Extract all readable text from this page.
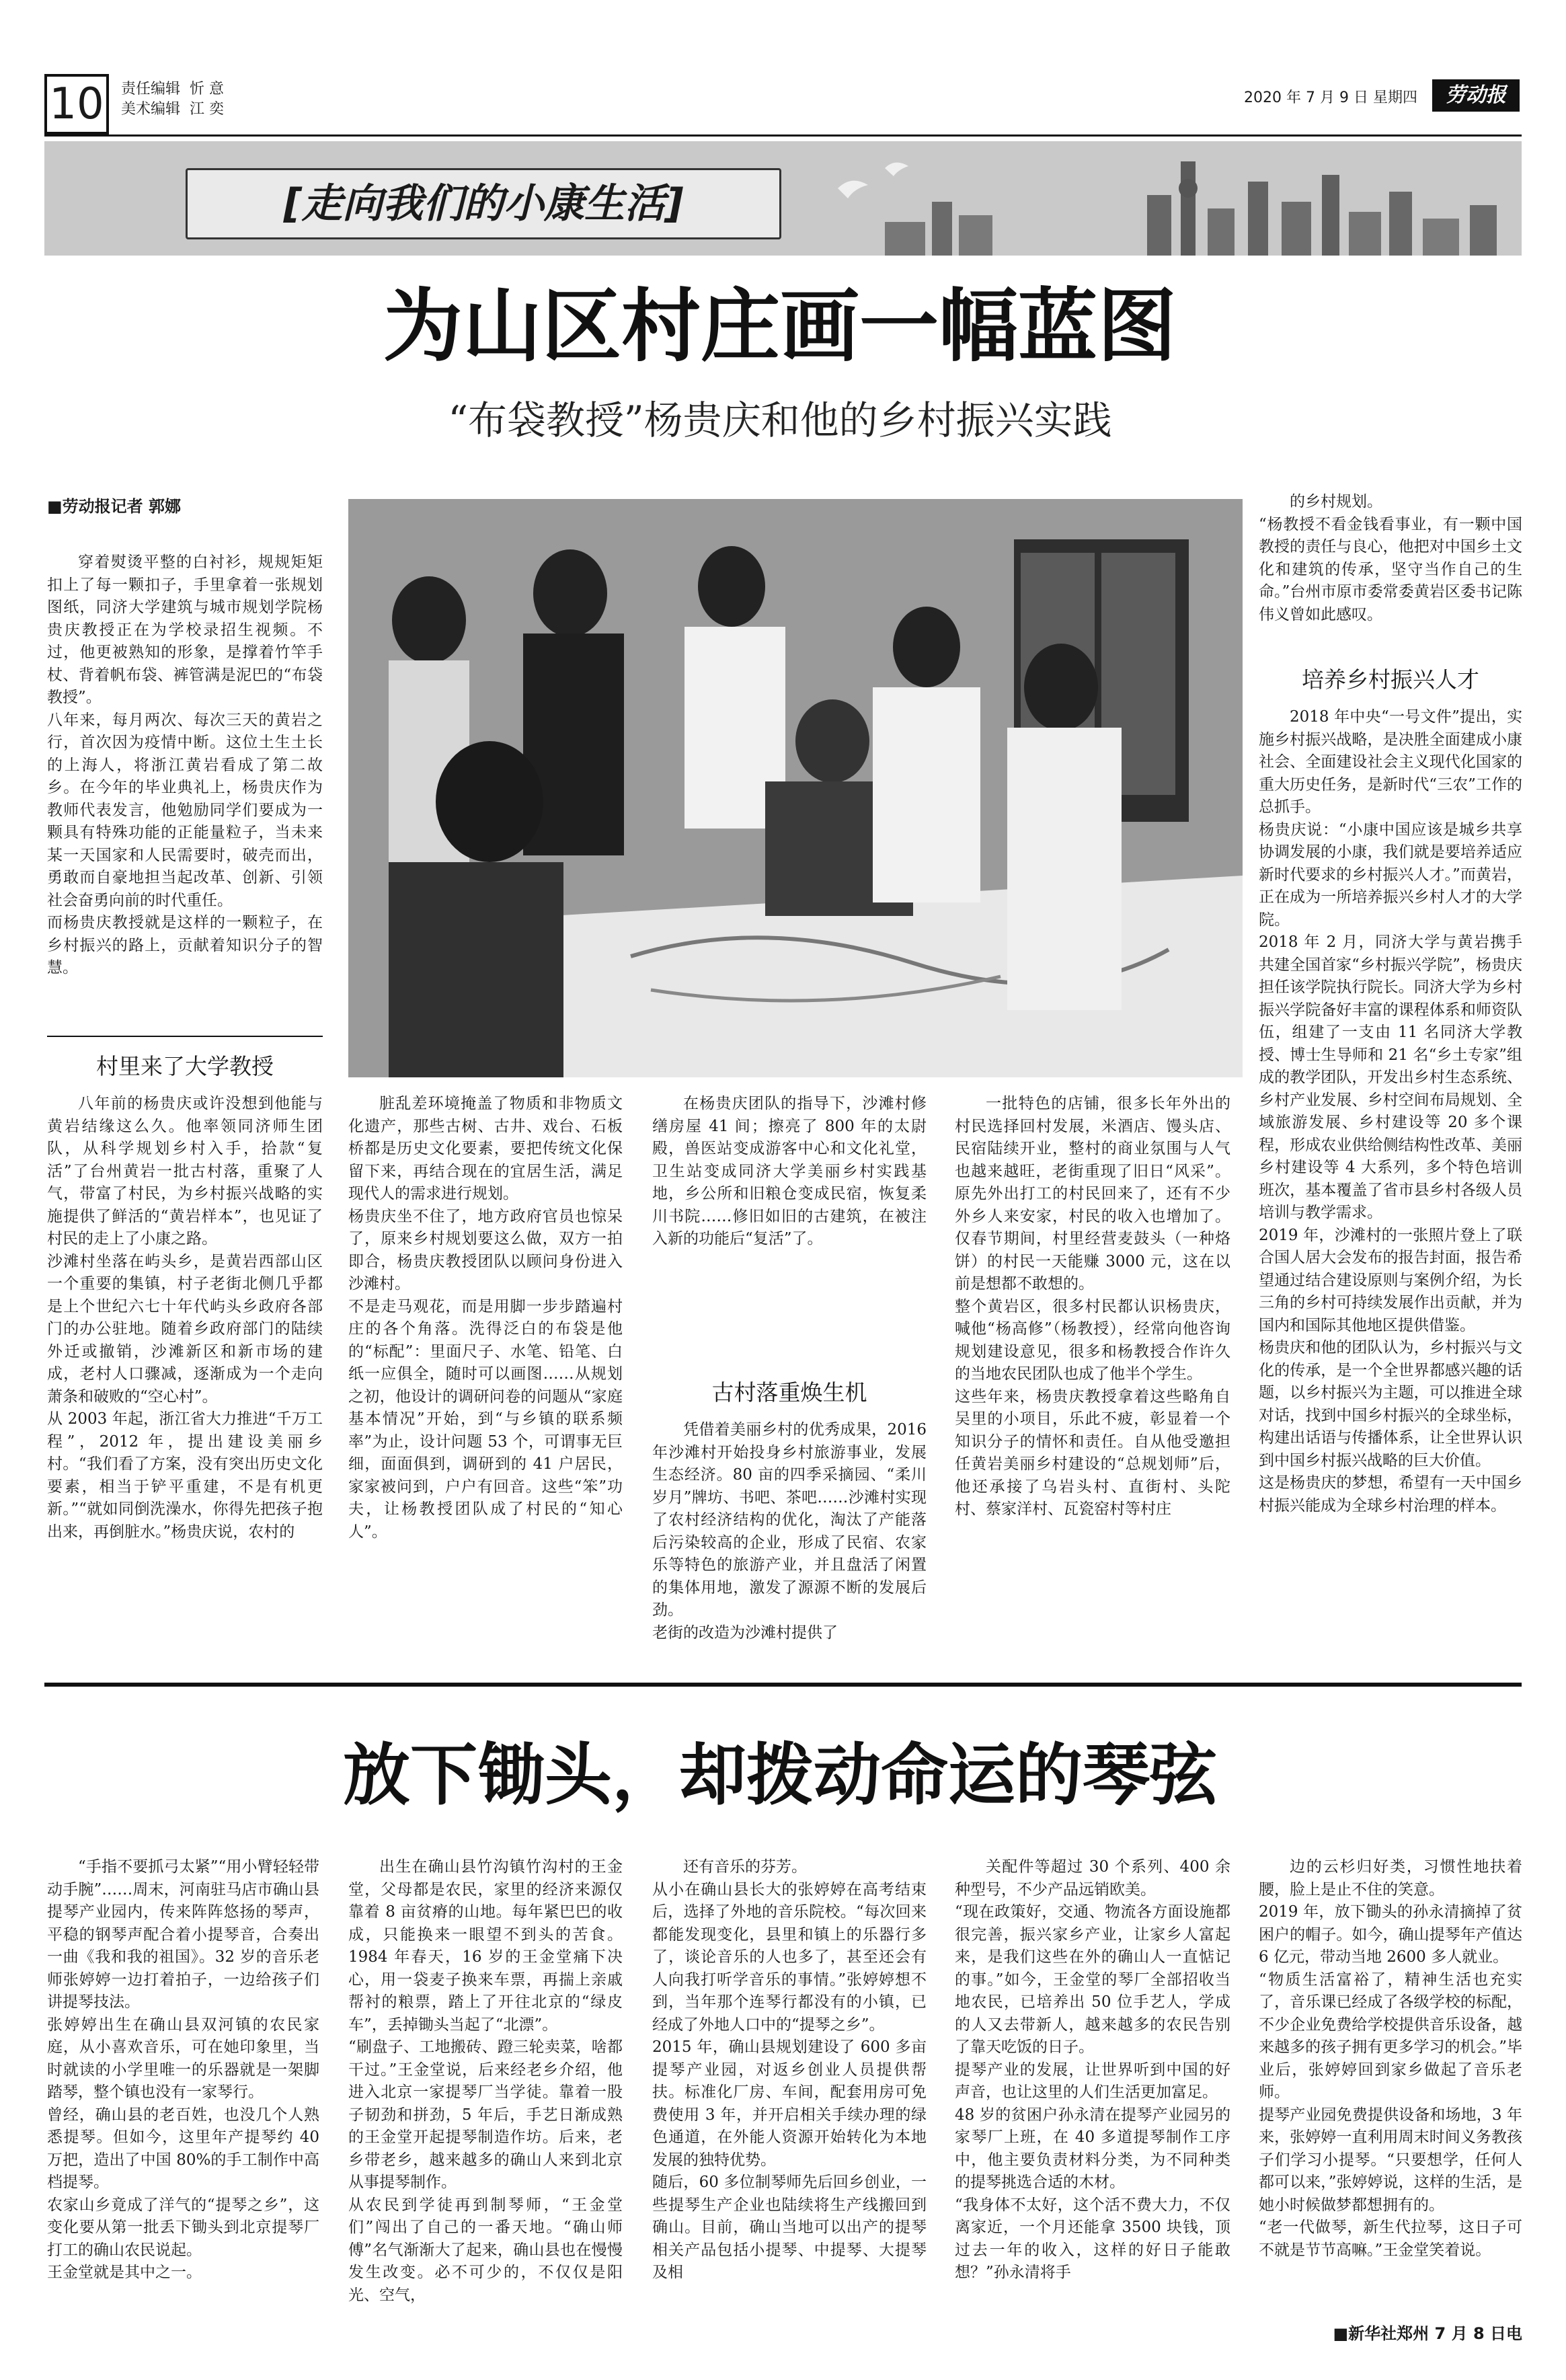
10	责任编辑 忻 意
美术编辑 江 奕
2020 年 7 月 9 日 星期四	劳动报
[走向我们的小康生活]
为山区村庄画一幅蓝图
“布袋教授”杨贵庆和他的乡村振兴实践
■劳动报记者 郭娜
穿着熨烫平整的白衬衫，规规矩矩扣上了每一颗扣子，手里拿着一张规划图纸，同济大学建筑与城市规划学院杨贵庆教授正在为学校录招生视频。不过，他更被熟知的形象，是撑着竹竿手杖、背着帆布袋、裤管满是泥巴的“布袋教授”。
八年来，每月两次、每次三天的黄岩之行，首次因为疫情中断。这位土生土长的上海人，将浙江黄岩看成了第二故乡。在今年的毕业典礼上，杨贵庆作为教师代表发言，他勉励同学们要成为一颗具有特殊功能的正能量粒子，当未来某一天国家和人民需要时，破壳而出，勇敢而自豪地担当起改革、创新、引领社会奋勇向前的时代重任。
而杨贵庆教授就是这样的一颗粒子，在乡村振兴的路上，贡献着知识分子的智慧。
村里来了大学教授
八年前的杨贵庆或许没想到他能与黄岩结缘这么久。他率领同济师生团队，从科学规划乡村入手，拾款“复活”了台州黄岩一批古村落，重聚了人气，带富了村民，为乡村振兴战略的实施提供了鲜活的“黄岩样本”，也见证了村民的走上了小康之路。
沙滩村坐落在屿头乡，是黄岩西部山区一个重要的集镇，村子老街北侧几乎都是上个世纪六七十年代屿头乡政府各部门的办公驻地。随着乡政府部门的陆续外迁或撤销，沙滩新区和新市场的建成，老村人口骤减，逐渐成为一个走向萧条和破败的“空心村”。
从 2003 年起，浙江省大力推进“千万工程”，2012 年，提出建设美丽乡村。“我们看了方案，没有突出历史文化要素，相当于铲平重建，不是有机更新。”“就如同倒洗澡水，你得先把孩子抱出来，再倒脏水。”杨贵庆说，农村的
脏乱差环境掩盖了物质和非物质文化遗产，那些古树、古井、戏台、石板桥都是历史文化要素，要把传统文化保留下来，再结合现在的宜居生活，满足现代人的需求进行规划。
杨贵庆坐不住了，地方政府官员也惊呆了，原来乡村规划要这么做，双方一拍即合，杨贵庆教授团队以顾问身份进入沙滩村。
不是走马观花，而是用脚一步步踏遍村庄的各个角落。洗得泛白的布袋是他的“标配”：里面尺子、水笔、铅笔、白纸一应俱全，随时可以画图……从规划之初，他设计的调研问卷的问题从“家庭基本情况”开始，到“与乡镇的联系频率”为止，设计问题 53 个，可谓事无巨细，面面俱到，调研到的 41 户居民，家家被问到，户户有回音。这些“笨”功夫，让杨教授团队成了村民的“知心人”。
在杨贵庆团队的指导下，沙滩村修缮房屋 41 间；擦亮了 800 年的太尉殿，兽医站变成游客中心和文化礼堂，卫生站变成同济大学美丽乡村实践基地，乡公所和旧粮仓变成民宿，恢复柔川书院……修旧如旧的古建筑，在被注入新的功能后“复活”了。
古村落重焕生机
凭借着美丽乡村的优秀成果，2016 年沙滩村开始投身乡村旅游事业，发展生态经济。80 亩的四季采摘园、“柔川岁月”牌坊、书吧、茶吧……沙滩村实现了农村经济结构的优化，淘汰了产能落后污染较高的企业，形成了民宿、农家乐等特色的旅游产业，并且盘活了闲置的集体用地，激发了源源不断的发展后劲。
老街的改造为沙滩村提供了
一批特色的店铺，很多长年外出的村民选择回村发展，米酒店、馒头店、民宿陆续开业，整村的商业氛围与人气也越来越旺，老街重现了旧日“风采”。原先外出打工的村民回来了，还有不少外乡人来安家，村民的收入也增加了。仅春节期间，村里经营麦鼓头（一种烙饼）的村民一天能赚 3000 元，这在以前是想都不敢想的。
整个黄岩区，很多村民都认识杨贵庆，喊他“杨高修”（杨教授），经常向他咨询规划建设意见，很多和杨教授合作许久的当地农民团队也成了他半个学生。
这些年来，杨贵庆教授拿着这些略角自吴里的小项目，乐此不疲，彰显着一个知识分子的情怀和责任。自从他受邀担任黄岩美丽乡村建设的“总规划师”后，他还承接了乌岩头村、直街村、头陀村、蔡家洋村、瓦瓷窑村等村庄
的乡村规划。
“杨教授不看金钱看事业，有一颗中国教授的责任与良心，他把对中国乡土文化和建筑的传承，坚守当作自己的生命。”台州市原市委常委黄岩区委书记陈伟义曾如此感叹。
培养乡村振兴人才
2018 年中央“一号文件”提出，实施乡村振兴战略，是决胜全面建成小康社会、全面建设社会主义现代化国家的重大历史任务，是新时代“三农”工作的总抓手。
杨贵庆说：“小康中国应该是城乡共享协调发展的小康，我们就是要培养适应新时代要求的乡村振兴人才。”而黄岩，正在成为一所培养振兴乡村人才的大学院。
2018 年 2 月，同济大学与黄岩携手共建全国首家“乡村振兴学院”，杨贵庆担任该学院执行院长。同济大学为乡村振兴学院备好丰富的课程体系和师资队伍，组建了一支由 11 名同济大学教授、博士生导师和 21 名“乡土专家”组成的教学团队，开发出乡村生态系统、乡村产业发展、乡村空间布局规划、全域旅游发展、乡村建设等 20 多个课程，形成农业供给侧结构性改革、美丽乡村建设等 4 大系列，多个特色培训班次，基本覆盖了省市县乡村各级人员培训与教学需求。
2019 年，沙滩村的一张照片登上了联合国人居大会发布的报告封面，报告希望通过结合建设原则与案例介绍，为长三角的乡村可持续发展作出贡献，并为国内和国际其他地区提供借鉴。
杨贵庆和他的团队认为，乡村振兴与文化的传承，是一个全世界都感兴趣的话题，以乡村振兴为主题，可以推进全球对话，找到中国乡村振兴的全球坐标，构建出话语与传播体系，让全世界认识到中国乡村振兴战略的巨大价值。
这是杨贵庆的梦想，希望有一天中国乡村振兴能成为全球乡村治理的样本。
放下锄头，却拨动命运的琴弦
“手指不要抓弓太紧”“用小臂轻轻带动手腕”……周末，河南驻马店市确山县提琴产业园内，传来阵阵悠扬的琴声，平稳的钢琴声配合着小提琴音，合奏出一曲《我和我的祖国》。32 岁的音乐老师张婷婷一边打着拍子，一边给孩子们讲提琴技法。
张婷婷出生在确山县双河镇的农民家庭，从小喜欢音乐，可在她印象里，当时就读的小学里唯一的乐器就是一架脚踏琴，整个镇也没有一家琴行。
曾经，确山县的老百姓，也没几个人熟悉提琴。但如今，这里年产提琴约 40 万把，造出了中国 80%的手工制作中高档提琴。
农家山乡竟成了洋气的“提琴之乡”，这变化要从第一批丢下锄头到北京提琴厂打工的确山农民说起。
王金堂就是其中之一。
出生在确山县竹沟镇竹沟村的王金堂，父母都是农民，家里的经济来源仅靠着 8 亩贫瘠的山地。每年紧巴巴的收成，只能换来一眼望不到头的苦食。1984 年春天，16 岁的王金堂痛下决心，用一袋麦子换来车票，再揣上亲戚帮衬的粮票，踏上了开往北京的“绿皮车”，丢掉锄头当起了“北漂”。
“刷盘子、工地搬砖、蹬三轮卖菜，啥都干过。”王金堂说，后来经老乡介绍，他进入北京一家提琴厂当学徒。靠着一股子韧劲和拼劲，5 年后，手艺日渐成熟的王金堂开起提琴制造作坊。后来，老乡带老乡，越来越多的确山人来到北京从事提琴制作。
从农民到学徒再到制琴师，“王金堂们”闯出了自己的一番天地。“确山师傅”名气渐渐大了起来，确山县也在慢慢发生改变。必不可少的，不仅仅是阳光、空气，
还有音乐的芬芳。
从小在确山县长大的张婷婷在高考结束后，选择了外地的音乐院校。“每次回来都能发现变化，县里和镇上的乐器行多了，谈论音乐的人也多了，甚至还会有人向我打听学音乐的事情。”张婷婷想不到，当年那个连琴行都没有的小镇，已经成了外地人口中的“提琴之乡”。
2015 年，确山县规划建设了 600 多亩提琴产业园，对返乡创业人员提供帮扶。标准化厂房、车间，配套用房可免费使用 3 年，并开启相关手续办理的绿色通道，在外能人资源开始转化为本地发展的独特优势。
随后，60 多位制琴师先后回乡创业，一些提琴生产企业也陆续将生产线搬回到确山。目前，确山当地可以出产的提琴相关产品包括小提琴、中提琴、大提琴及相
关配件等超过 30 个系列、400 余种型号，不少产品远销欧美。
“现在政策好，交通、物流各方面设施都很完善，振兴家乡产业，让家乡人富起来，是我们这些在外的确山人一直惦记的事。”如今，王金堂的琴厂全部招收当地农民，已培养出 50 位手艺人，学成的人又去带新人，越来越多的农民告别了靠天吃饭的日子。
提琴产业的发展，让世界听到中国的好声音，也让这里的人们生活更加富足。
48 岁的贫困户孙永清在提琴产业园另的家琴厂上班，在 40 多道提琴制作工序中，他主要负责材料分类，为不同种类的提琴挑选合适的木材。
“我身体不太好，这个活不费大力，不仅离家近，一个月还能拿 3500 块钱，顶过去一年的收入，这样的好日子能敢想？”孙永清将手
边的云杉归好类，习惯性地扶着腰，脸上是止不住的笑意。
2019 年，放下锄头的孙永清摘掉了贫困户的帽子。如今，确山提琴年产值达 6 亿元，带动当地 2600 多人就业。
“物质生活富裕了，精神生活也充实了，音乐课已经成了各级学校的标配，不少企业免费给学校提供音乐设备，越来越多的孩子拥有更多学习的机会。”毕业后，张婷婷回到家乡做起了音乐老师。
提琴产业园免费提供设备和场地，3 年来，张婷婷一直利用周末时间义务教孩子们学习小提琴。“只要想学，任何人都可以来，”张婷婷说，这样的生活，是她小时候做梦都想拥有的。
“老一代做琴，新生代拉琴，这日子可不就是节节高嘛。”王金堂笑着说。
■新华社郑州 7 月 8 日电
